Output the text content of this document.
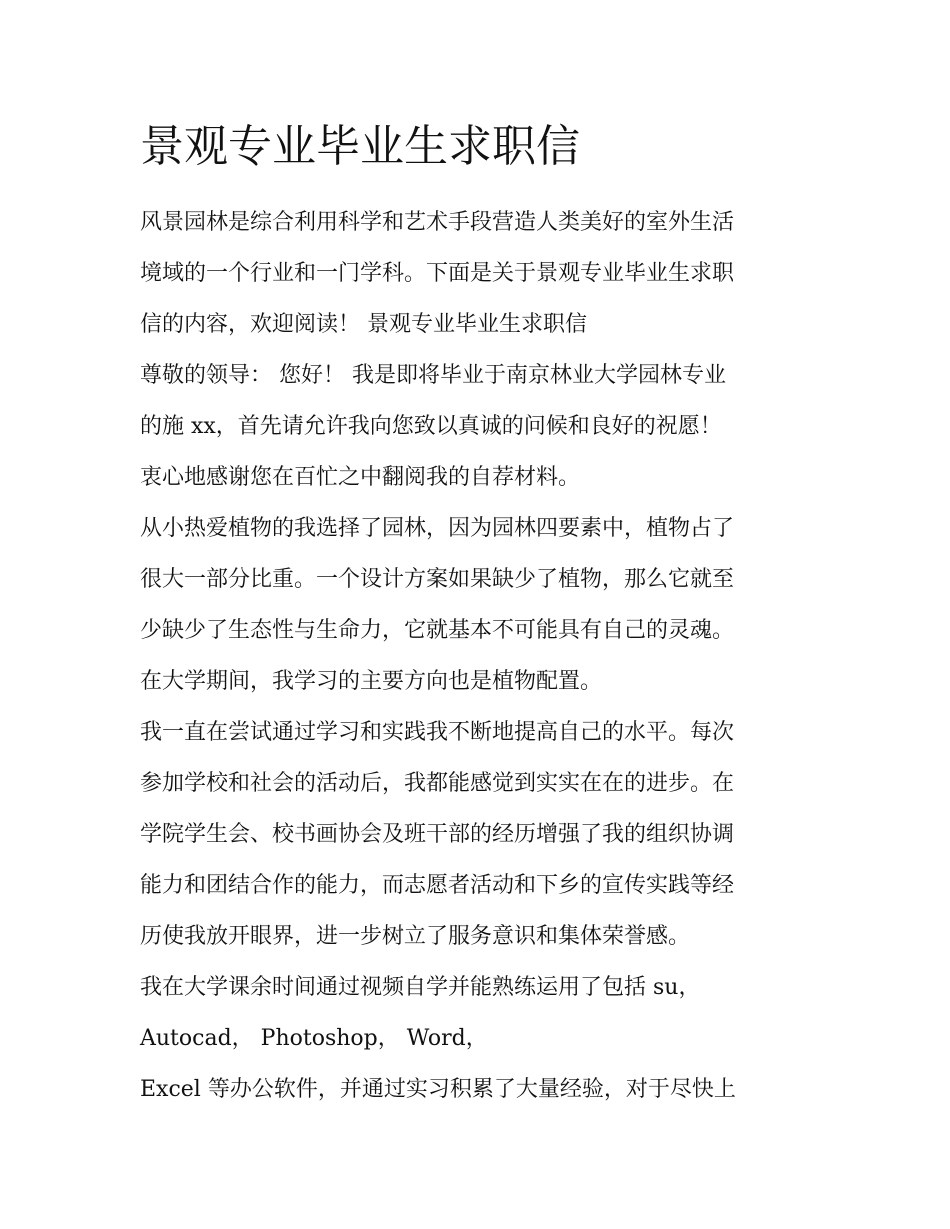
景观专业毕业生求职信
风景园林是综合利用科学和艺术手段营造人类美好的室外生活
境域的一个行业和一门学科。下面是关于景观专业毕业生求职
信的内容，欢迎阅读！ 景观专业毕业生求职信
尊敬的领导： 您好！ 我是即将毕业于南京林业大学园林专业
的施 xx，首先请允许我向您致以真诚的问候和良好的祝愿！
衷心地感谢您在百忙之中翻阅我的自荐材料。
从小热爱植物的我选择了园林，因为园林四要素中，植物占了
很大一部分比重。一个设计方案如果缺少了植物，那么它就至
少缺少了生态性与生命力，它就基本不可能具有自己的灵魂。
在大学期间，我学习的主要方向也是植物配置。
我一直在尝试通过学习和实践我不断地提高自己的水平。每次
参加学校和社会的活动后，我都能感觉到实实在在的进步。在
学院学生会、校书画协会及班干部的经历增强了我的组织协调
能力和团结合作的能力，而志愿者活动和下乡的宣传实践等经
历使我放开眼界，进一步树立了服务意识和集体荣誉感。
我在大学课余时间通过视频自学并能熟练运用了包括 su，
Autocad， Photoshop， Word，
Excel 等办公软件，并通过实习积累了大量经验，对于尽快上
